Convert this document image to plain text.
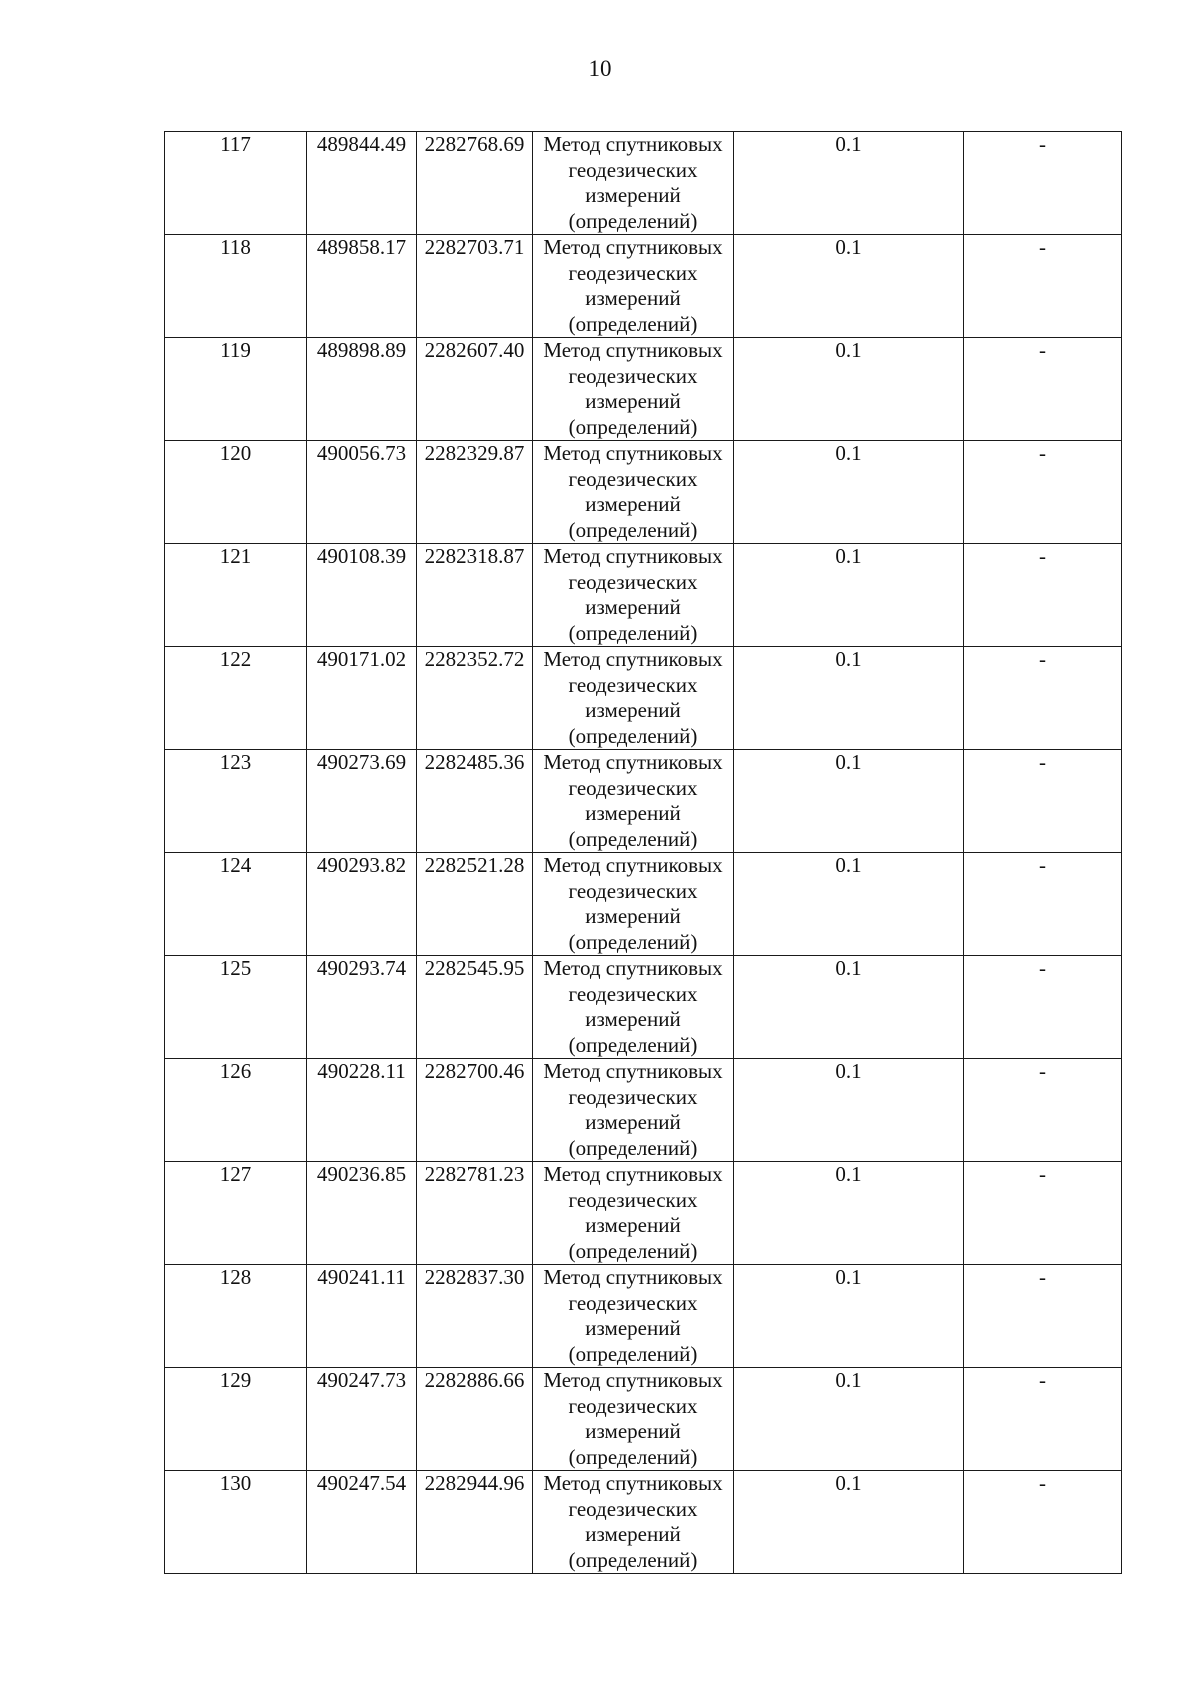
10
117	489844.49	2282768.69	Метод спутниковых
геодезических
измерений
(определений)	0.1	-
118	489858.17	2282703.71	Метод спутниковых
геодезических
измерений
(определений)	0.1	-
119	489898.89	2282607.40	Метод спутниковых
геодезических
измерений
(определений)	0.1	-
120	490056.73	2282329.87	Метод спутниковых
геодезических
измерений
(определений)	0.1	-
121	490108.39	2282318.87	Метод спутниковых
геодезических
измерений
(определений)	0.1	-
122	490171.02	2282352.72	Метод спутниковых
геодезических
измерений
(определений)	0.1	-
123	490273.69	2282485.36	Метод спутниковых
геодезических
измерений
(определений)	0.1	-
124	490293.82	2282521.28	Метод спутниковых
геодезических
измерений
(определений)	0.1	-
125	490293.74	2282545.95	Метод спутниковых
геодезических
измерений
(определений)	0.1	-
126	490228.11	2282700.46	Метод спутниковых
геодезических
измерений
(определений)	0.1	-
127	490236.85	2282781.23	Метод спутниковых
геодезических
измерений
(определений)	0.1	-
128	490241.11	2282837.30	Метод спутниковых
геодезических
измерений
(определений)	0.1	-
129	490247.73	2282886.66	Метод спутниковых
геодезических
измерений
(определений)	0.1	-
130	490247.54	2282944.96	Метод спутниковых
геодезических
измерений
(определений)	0.1	-
